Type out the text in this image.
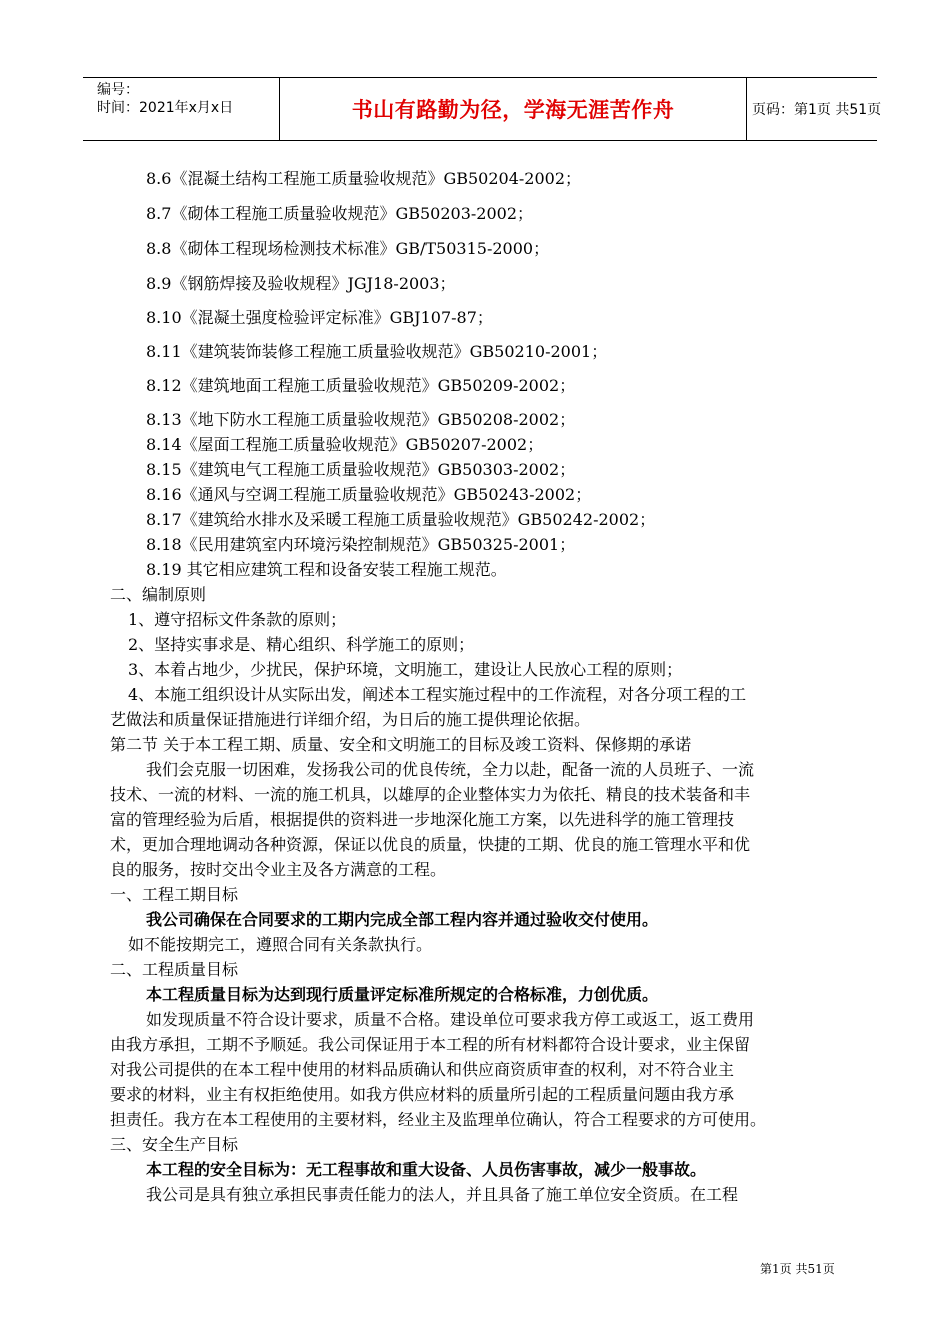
编号：
时间：2021年x月x日	书山有路勤为径，学海无涯苦作舟	页码：第1页 共51页
8.6《混凝土结构工程施工质量验收规范》GB50204-2002；
8.7《砌体工程施工质量验收规范》GB50203-2002；
8.8《砌体工程现场检测技术标准》GB/T50315-2000；
8.9《钢筋焊接及验收规程》JGJ18-2003；
8.10《混凝土强度检验评定标准》GBJ107-87；
8.11《建筑装饰装修工程施工质量验收规范》GB50210-2001；
8.12《建筑地面工程施工质量验收规范》GB50209-2002；
8.13《地下防水工程施工质量验收规范》GB50208-2002；
8.14《屋面工程施工质量验收规范》GB50207-2002；
8.15《建筑电气工程施工质量验收规范》GB50303-2002；
8.16《通风与空调工程施工质量验收规范》GB50243-2002；
8.17《建筑给水排水及采暖工程施工质量验收规范》GB50242-2002；
8.18《民用建筑室内环境污染控制规范》GB50325-2001；
8.19 其它相应建筑工程和设备安装工程施工规范。
二、编制原则
1、遵守招标文件条款的原则；
2、坚持实事求是、精心组织、科学施工的原则；
3、本着占地少，少扰民，保护环境，文明施工，建设让人民放心工程的原则；
4、本施工组织设计从实际出发，阐述本工程实施过程中的工作流程，对各分项工程的工
艺做法和质量保证措施进行详细介绍，为日后的施工提供理论依据。
第二节 关于本工程工期、质量、安全和文明施工的目标及竣工资料、保修期的承诺
我们会克服一切困难，发扬我公司的优良传统，全力以赴，配备一流的人员班子、一流
技术、一流的材料、一流的施工机具，以雄厚的企业整体实力为依托、精良的技术装备和丰
富的管理经验为后盾，根据提供的资料进一步地深化施工方案，以先进科学的施工管理技
术，更加合理地调动各种资源，保证以优良的质量，快捷的工期、优良的施工管理水平和优
良的服务，按时交出令业主及各方满意的工程。
一、工程工期目标
我公司确保在合同要求的工期内完成全部工程内容并通过验收交付使用。
如不能按期完工，遵照合同有关条款执行。
二、工程质量目标
本工程质量目标为达到现行质量评定标准所规定的合格标准，力创优质。
如发现质量不符合设计要求，质量不合格。建设单位可要求我方停工或返工，返工费用
由我方承担，工期不予顺延。我公司保证用于本工程的所有材料都符合设计要求，业主保留
对我公司提供的在本工程中使用的材料品质确认和供应商资质审查的权利，对不符合业主
要求的材料，业主有权拒绝使用。如我方供应材料的质量所引起的工程质量问题由我方承
担责任。我方在本工程使用的主要材料，经业主及监理单位确认，符合工程要求的方可使用。
三、安全生产目标
本工程的安全目标为：无工程事故和重大设备、人员伤害事故，减少一般事故。
我公司是具有独立承担民事责任能力的法人，并且具备了施工单位安全资质。在工程
第1页 共51页
